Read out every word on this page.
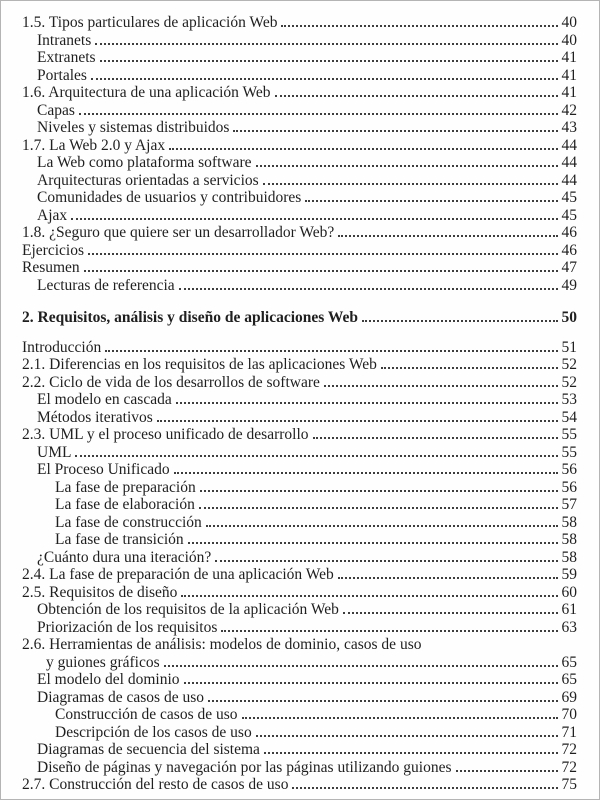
1.5. Tipos particulares de aplicación Web	40
Intranets	40
Extranets	41
Portales	41
1.6. Arquitectura de una aplicación Web	41
Capas	42
Niveles y sistemas distribuidos	43
1.7. La Web 2.0 y Ajax	44
La Web como plataforma software	44
Arquitecturas orientadas a servicios	44
Comunidades de usuarios y contribuidores	45
Ajax	45
1.8. ¿Seguro que quiere ser un desarrollador Web?	46
Ejercicios	46
Resumen	47
Lecturas de referencia	49
2. Requisitos, análisis y diseño de aplicaciones Web	50
Introducción	51
2.1. Diferencias en los requisitos de las aplicaciones Web	52
2.2. Ciclo de vida de los desarrollos de software	52
El modelo en cascada	53
Métodos iterativos	54
2.3. UML y el proceso unificado de desarrollo	55
UML	55
El Proceso Unificado	56
La fase de preparación	56
La fase de elaboración	57
La fase de construcción	58
La fase de transición	58
¿Cuánto dura una iteración?	58
2.4. La fase de preparación de una aplicación Web	59
2.5. Requisitos de diseño	60
Obtención de los requisitos de la aplicación Web	61
Priorización de los requisitos	63
2.6. Herramientas de análisis: modelos de dominio, casos de uso
y guiones gráficos	65
El modelo del dominio	65
Diagramas de casos de uso	69
Construcción de casos de uso	70
Descripción de los casos de uso	71
Diagramas de secuencia del sistema	72
Diseño de páginas y navegación por las páginas utilizando guiones	72
2.7. Construcción del resto de casos de uso	75
